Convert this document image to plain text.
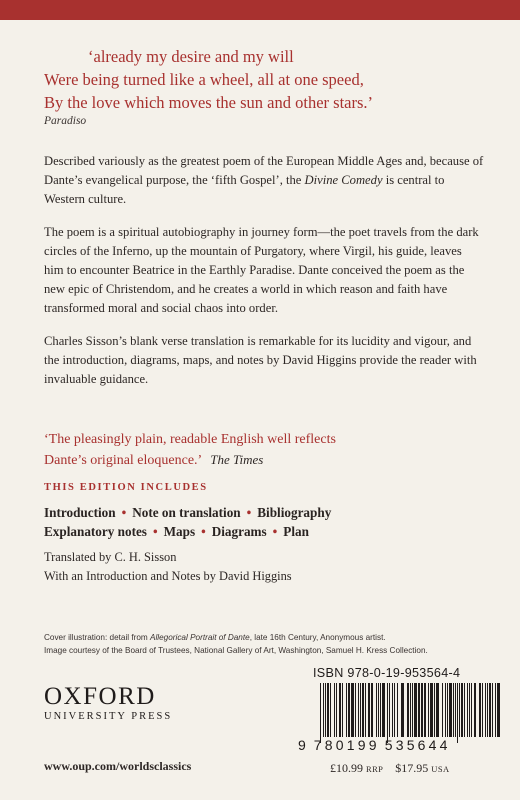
‘already my desire and my will
Were being turned like a wheel, all at one speed,
By the love which moves the sun and other stars.’
Paradiso

Described variously as the greatest poem of the European Middle Ages and, because of Dante’s evangelical purpose, the ‘fifth Gospel’, the Divine Comedy is central to Western culture.

The poem is a spiritual autobiography in journey form—the poet travels from the dark circles of the Inferno, up the mountain of Purgatory, where Virgil, his guide, leaves him to encounter Beatrice in the Earthly Paradise. Dante conceived the poem as the new epic of Christendom, and he creates a world in which reason and faith have transformed moral and social chaos into order.

Charles Sisson’s blank verse translation is remarkable for its lucidity and vigour, and the introduction, diagrams, maps, and notes by David Higgins provide the reader with invaluable guidance.

‘The pleasingly plain, readable English well reflects
Dante’s original eloquence.’ The Times
THIS EDITION INCLUDES
Introduction • Note on translation • Bibliography
Explanatory notes • Maps • Diagrams • Plan
Translated by C. H. Sisson
With an Introduction and Notes by David Higgins
Cover illustration: detail from Allegorical Portrait of Dante, late 16th Century, Anonymous artist.
Image courtesy of the Board of Trustees, National Gallery of Art, Washington, Samuel H. Kress Collection.
ISBN 978-0-19-953564-4
OXFORD
UNIVERSITY PRESS
9 780199 535644
www.oup.com/worldsclassics	£10.99 RRP $17.95 USA
